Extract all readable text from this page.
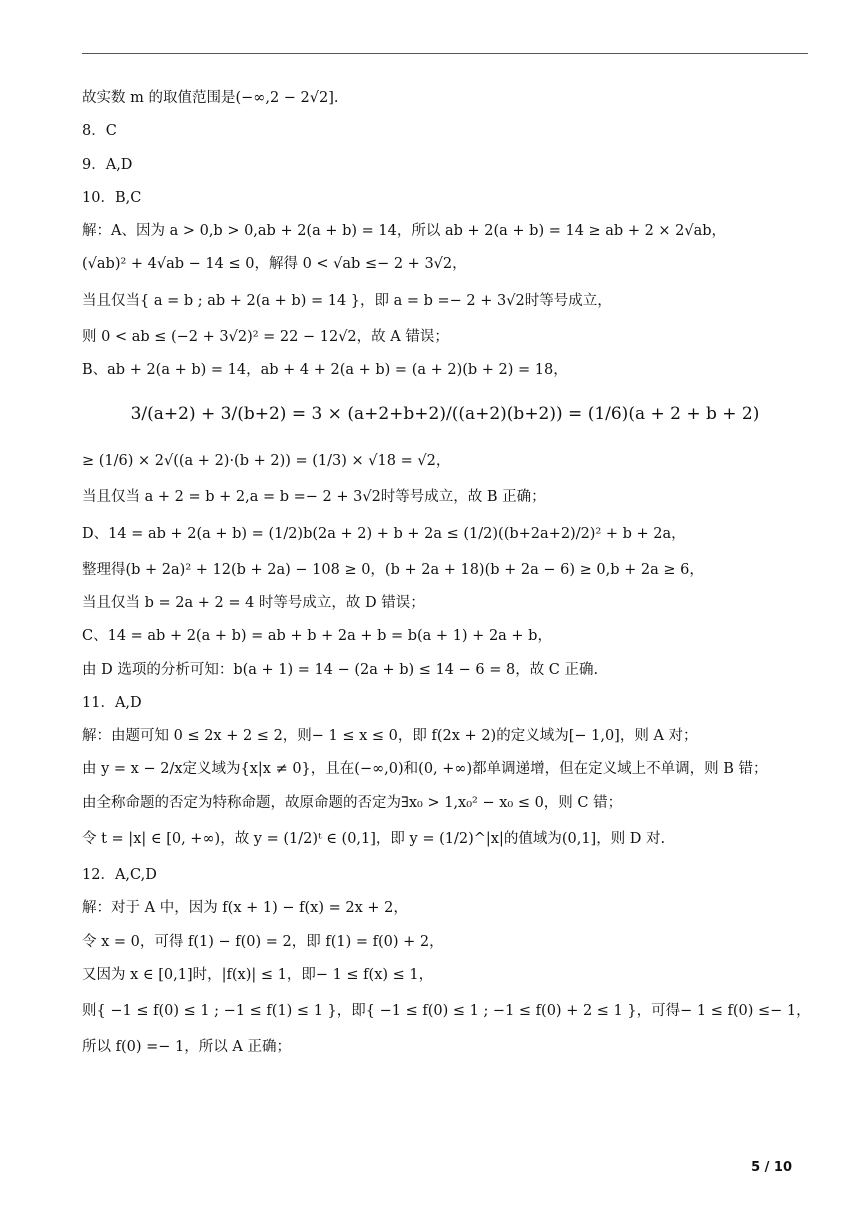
故实数 m 的取值范围是(−∞,2 − 2√2].
8．C
9．A,D
10．B,C
解：A、因为 a > 0,b > 0,ab + 2(a + b) = 14，所以 ab + 2(a + b) = 14 ≥ ab + 2 × 2√ab，
(√ab)² + 4√ab − 14 ≤ 0，解得 0 < √ab ≤− 2 + 3√2，
当且仅当{ a = b ; ab + 2(a + b) = 14 }，即 a = b =− 2 + 3√2时等号成立，
则 0 < ab ≤ (−2 + 3√2)² = 22 − 12√2，故 A 错误；
B、ab + 2(a + b) = 14，ab + 4 + 2(a + b) = (a + 2)(b + 2) = 18，
3/(a+2) + 3/(b+2) = 3 × (a+2+b+2)/((a+2)(b+2)) = (1/6)(a + 2 + b + 2)
≥ (1/6) × 2√((a + 2)·(b + 2)) = (1/3) × √18 = √2，
当且仅当 a + 2 = b + 2,a = b =− 2 + 3√2时等号成立，故 B 正确；
D、14 = ab + 2(a + b) = (1/2)b(2a + 2) + b + 2a ≤ (1/2)((b+2a+2)/2)² + b + 2a，
整理得(b + 2a)² + 12(b + 2a) − 108 ≥ 0，(b + 2a + 18)(b + 2a − 6) ≥ 0,b + 2a ≥ 6，
当且仅当 b = 2a + 2 = 4 时等号成立，故 D 错误；
C、14 = ab + 2(a + b) = ab + b + 2a + b = b(a + 1) + 2a + b，
由 D 选项的分析可知：b(a + 1) = 14 − (2a + b) ≤ 14 − 6 = 8，故 C 正确.
11．A,D
解：由题可知 0 ≤ 2x + 2 ≤ 2，则− 1 ≤ x ≤ 0，即 f(2x + 2)的定义域为[− 1,0]，则 A 对；
由 y = x − 2/x定义域为{x|x ≠ 0}，且在(−∞,0)和(0, +∞)都单调递增，但在定义域上不单调，则 B 错；
由全称命题的否定为特称命题，故原命题的否定为∃x₀ > 1,x₀² − x₀ ≤ 0，则 C 错；
令 t = |x| ∈ [0, +∞)，故 y = (1/2)ᵗ ∈ (0,1]，即 y = (1/2)^|x|的值域为(0,1]，则 D 对.
12．A,C,D
解：对于 A 中，因为 f(x + 1) − f(x) = 2x + 2，
令 x = 0，可得 f(1) − f(0) = 2，即 f(1) = f(0) + 2，
又因为 x ∈ [0,1]时，|f(x)| ≤ 1，即− 1 ≤ f(x) ≤ 1，
则{ −1 ≤ f(0) ≤ 1 ; −1 ≤ f(1) ≤ 1 }，即{ −1 ≤ f(0) ≤ 1 ; −1 ≤ f(0) + 2 ≤ 1 }，可得− 1 ≤ f(0) ≤− 1，
所以 f(0) =− 1，所以 A 正确；
5 / 10
